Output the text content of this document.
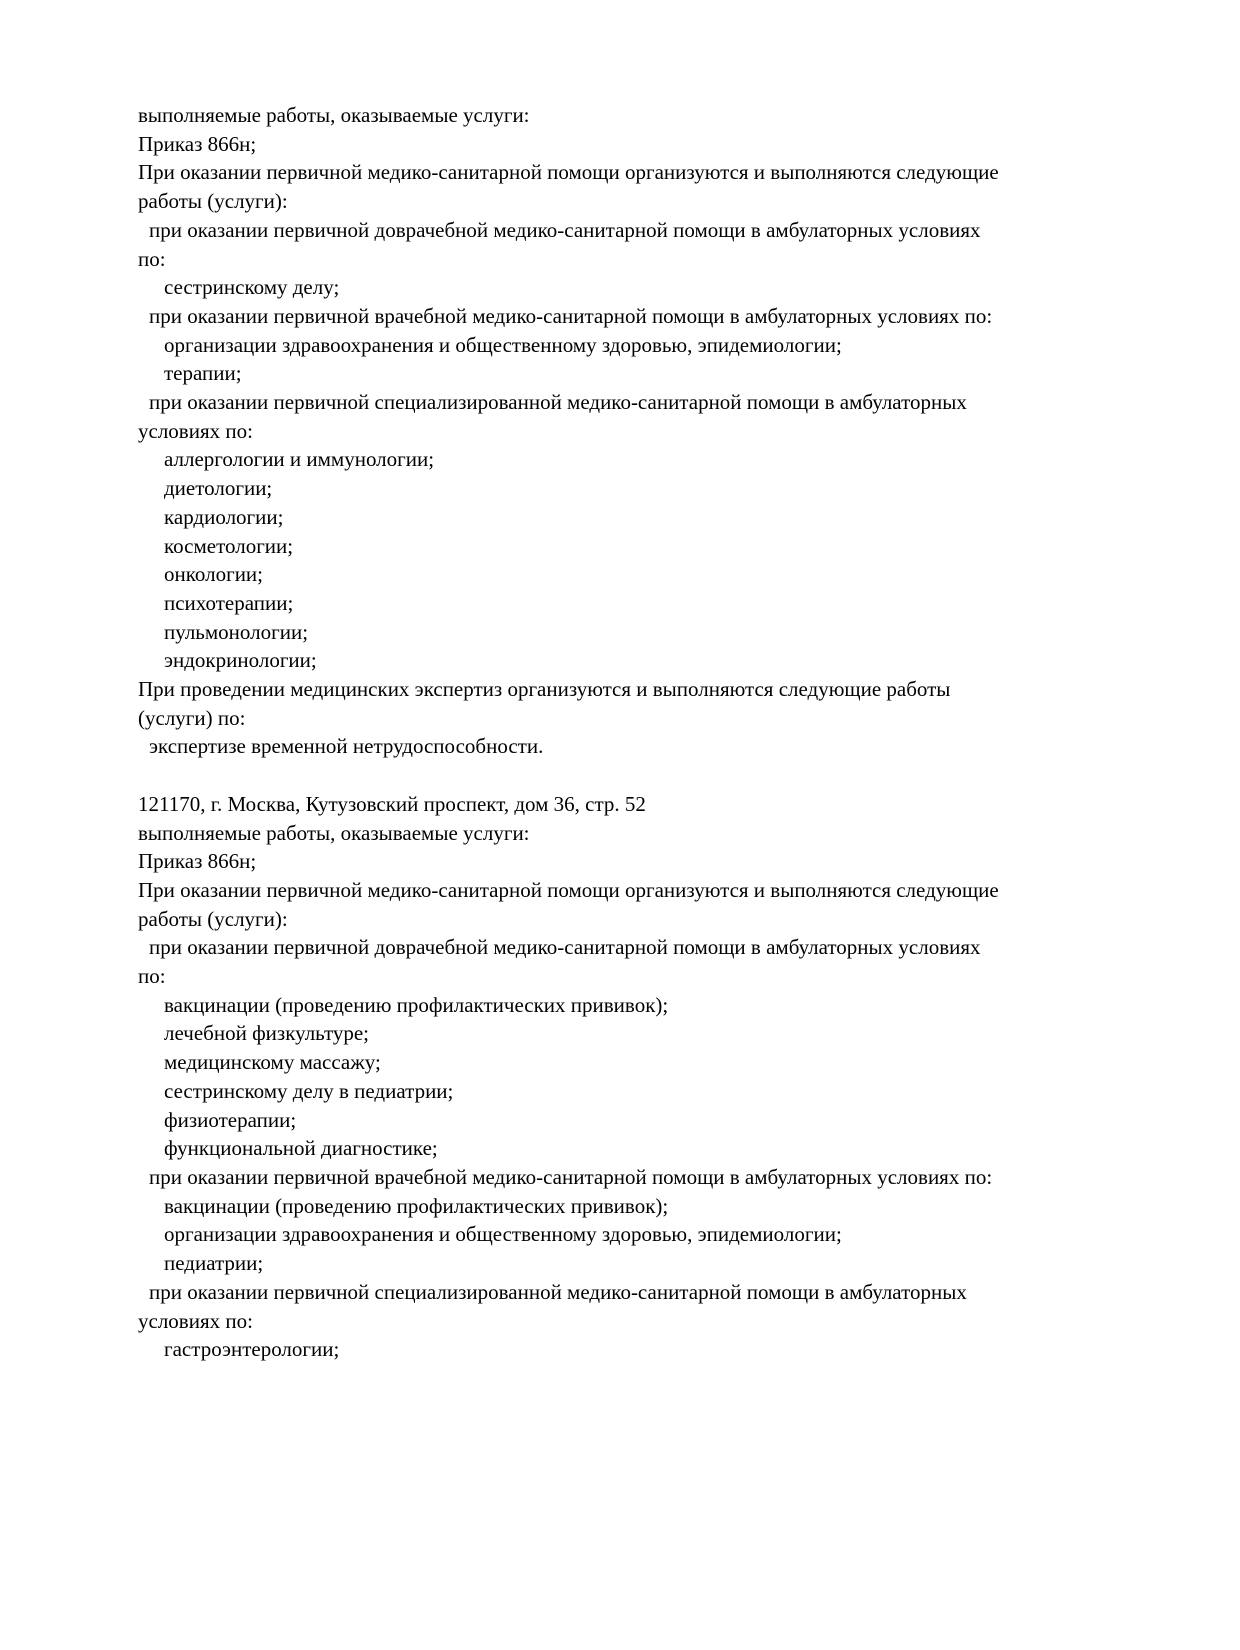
выполняемые работы, оказываемые услуги:
Приказ 866н;
При оказании первичной медико-санитарной помощи организуются и выполняются следующие
работы (услуги):
при оказании первичной доврачебной медико-санитарной помощи в амбулаторных условиях
по:
сестринскому делу;
при оказании первичной врачебной медико-санитарной помощи в амбулаторных условиях по:
организации здравоохранения и общественному здоровью, эпидемиологии;
терапии;
при оказании первичной специализированной медико-санитарной помощи в амбулаторных
условиях по:
аллергологии и иммунологии;
диетологии;
кардиологии;
косметологии;
онкологии;
психотерапии;
пульмонологии;
эндокринологии;
При проведении медицинских экспертиз организуются и выполняются следующие работы
(услуги) по:
экспертизе временной нетрудоспособности.
121170, г. Москва, Кутузовский проспект, дом 36, стр. 52
выполняемые работы, оказываемые услуги:
Приказ 866н;
При оказании первичной медико-санитарной помощи организуются и выполняются следующие
работы (услуги):
при оказании первичной доврачебной медико-санитарной помощи в амбулаторных условиях
по:
вакцинации (проведению профилактических прививок);
лечебной физкультуре;
медицинскому массажу;
сестринскому делу в педиатрии;
физиотерапии;
функциональной диагностике;
при оказании первичной врачебной медико-санитарной помощи в амбулаторных условиях по:
вакцинации (проведению профилактических прививок);
организации здравоохранения и общественному здоровью, эпидемиологии;
педиатрии;
при оказании первичной специализированной медико-санитарной помощи в амбулаторных
условиях по:
гастроэнтерологии;
